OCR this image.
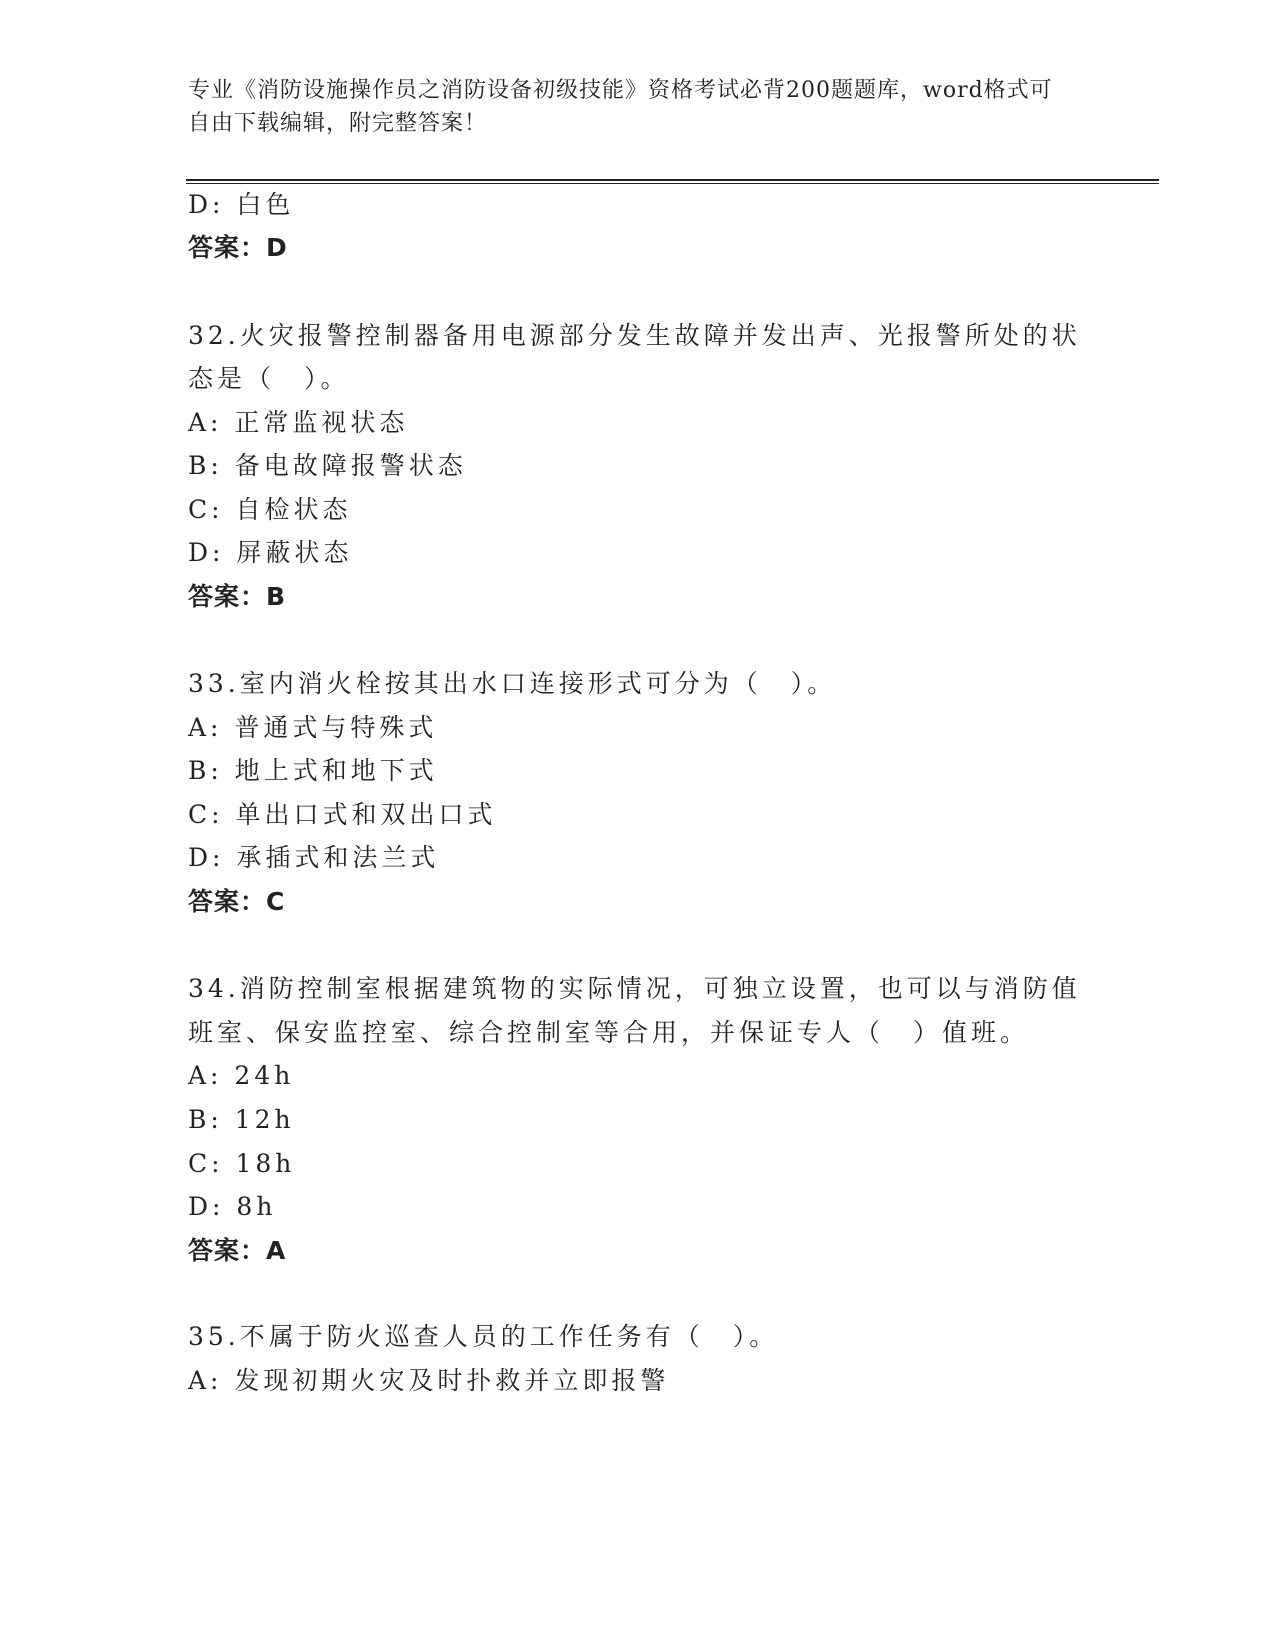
专业《消防设施操作员之消防设备初级技能》资格考试必背200题题库，word格式可自由下载编辑，附完整答案！
D: 白色
答案：D
32.火灾报警控制器备用电源部分发生故障并发出声、光报警所处的状
态是（　）。
A: 正常监视状态
B: 备电故障报警状态
C: 自检状态
D: 屏蔽状态
答案：B
33.室内消火栓按其出水口连接形式可分为（　）。
A: 普通式与特殊式
B: 地上式和地下式
C: 单出口式和双出口式
D: 承插式和法兰式
答案：C
34.消防控制室根据建筑物的实际情况，可独立设置，也可以与消防值
班室、保安监控室、综合控制室等合用，并保证专人（　）值班。
A: 24h
B: 12h
C: 18h
D: 8h
答案：A
35.不属于防火巡查人员的工作任务有（　）。
A: 发现初期火灾及时扑救并立即报警
